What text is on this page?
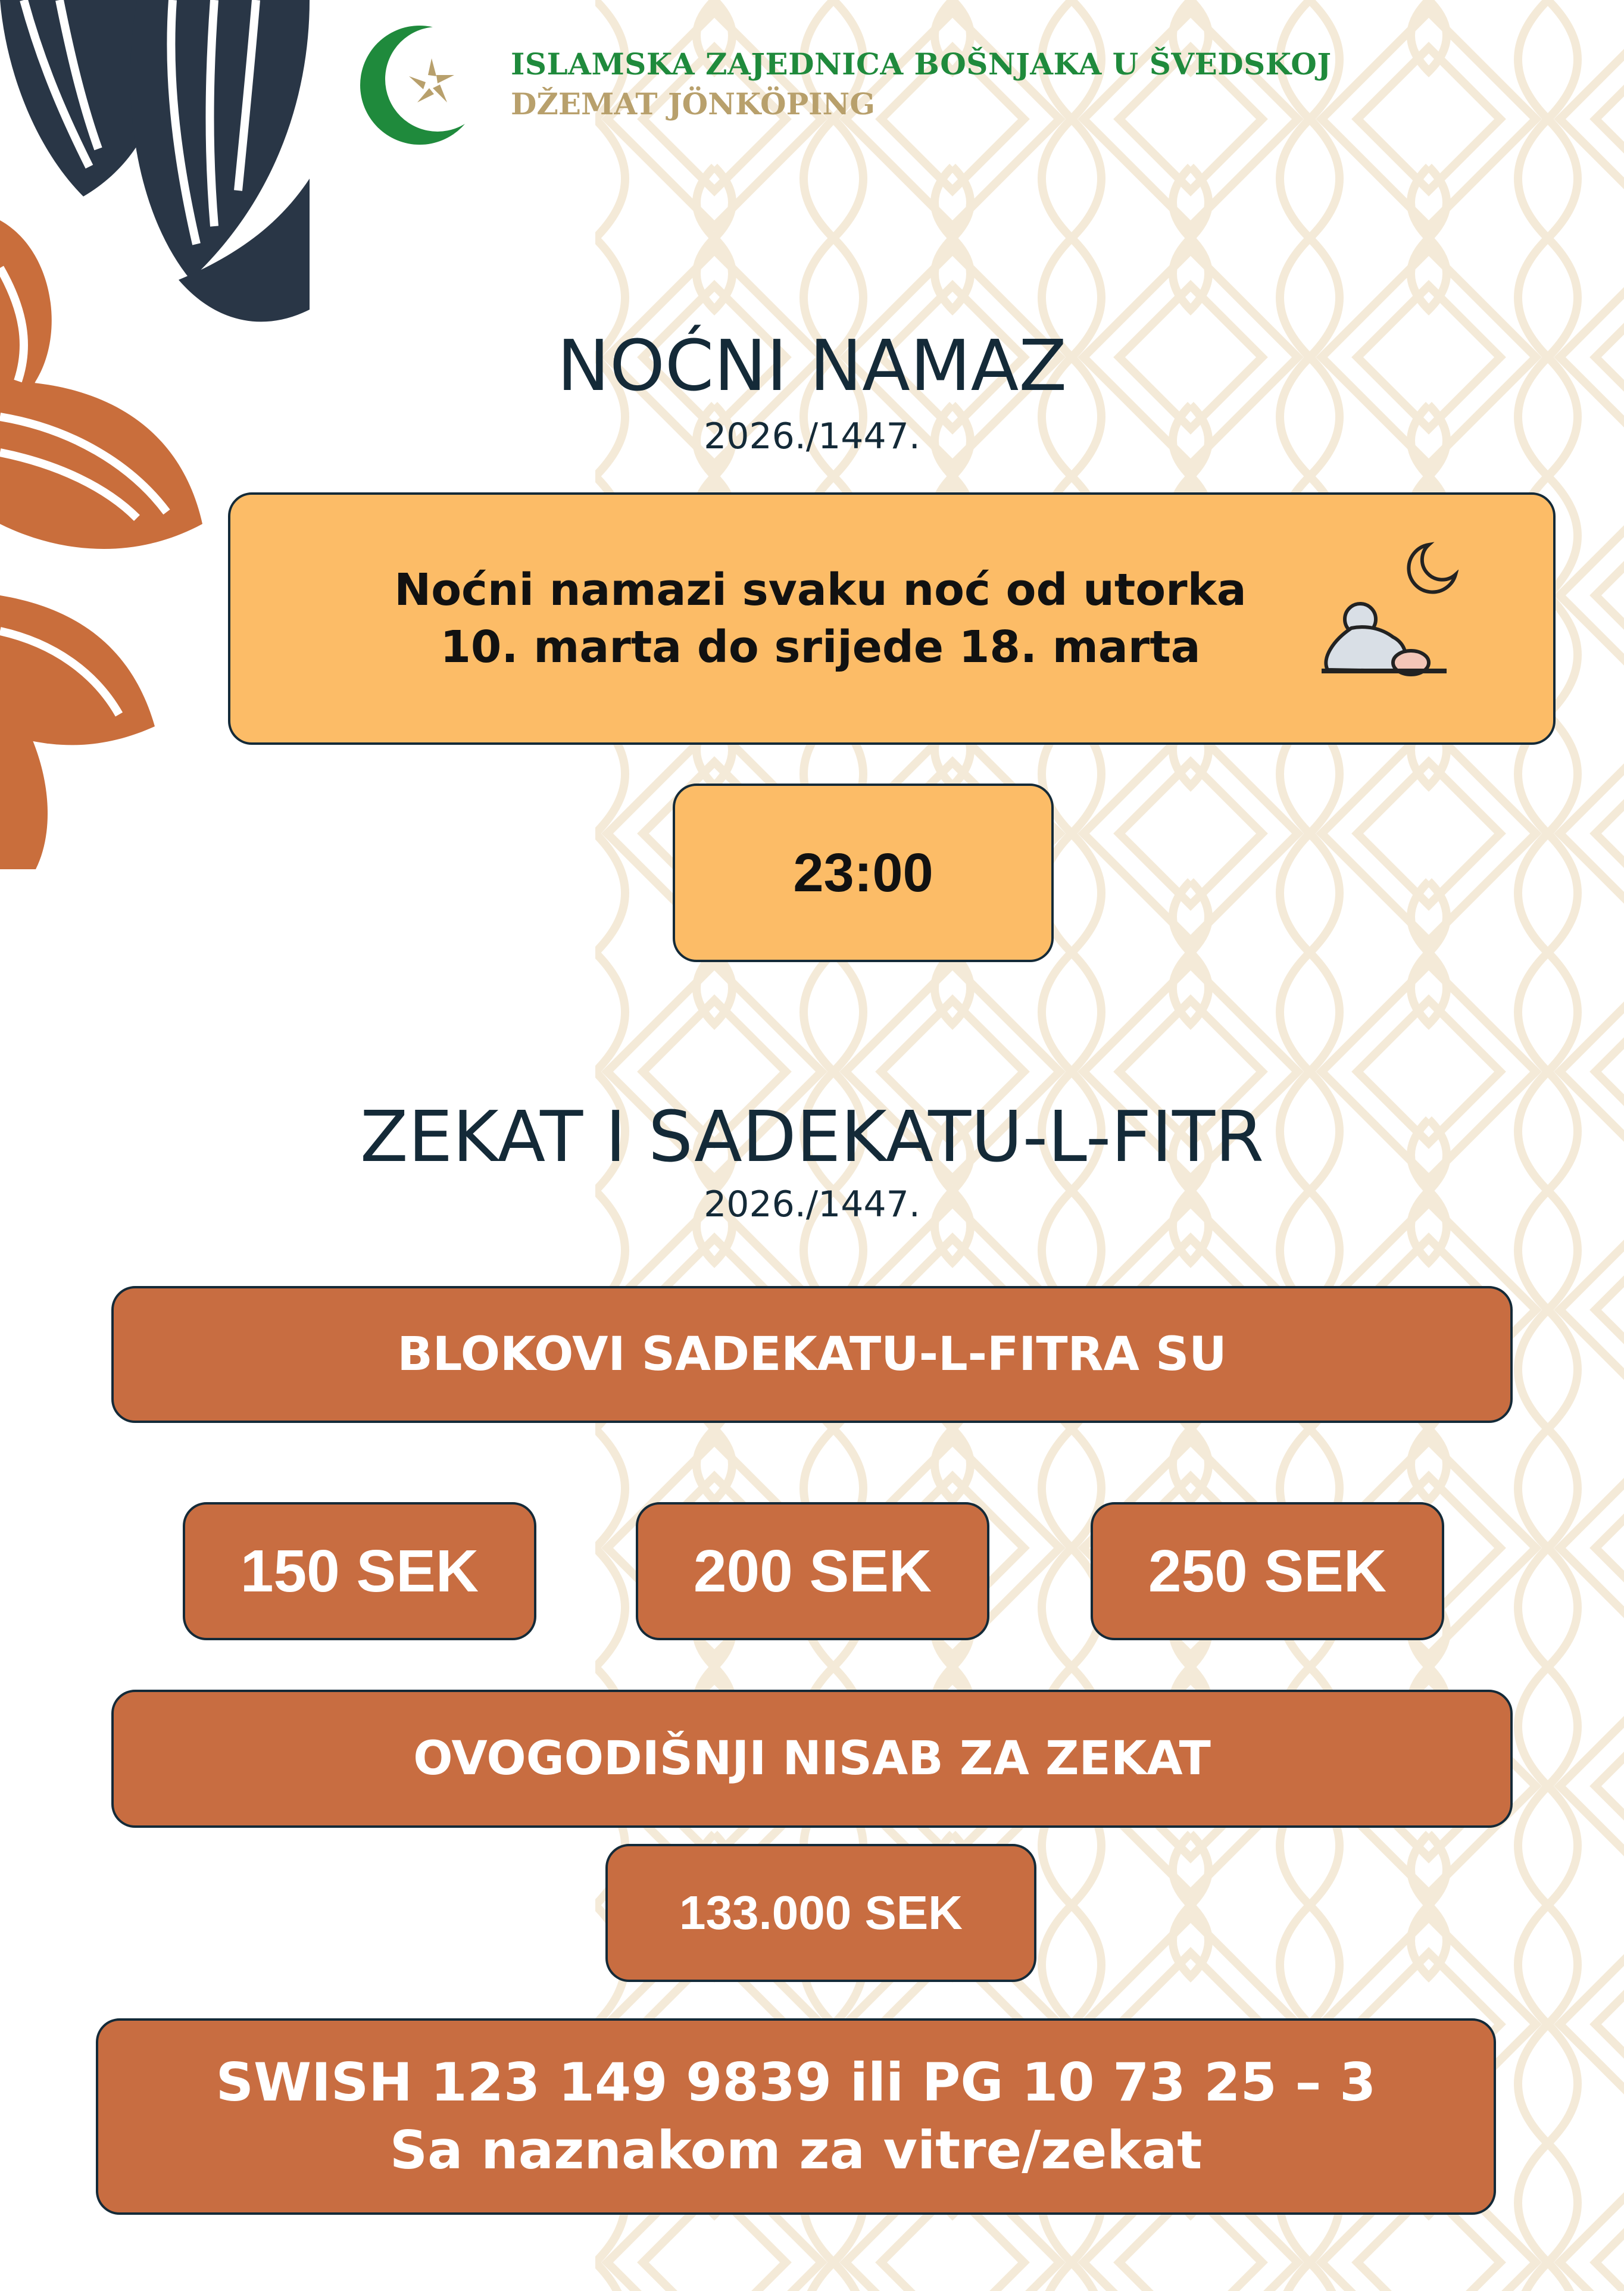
ISLAMSKA ZAJEDNICA BOŠNJAKA U ŠVEDSKOJ
DŽEMAT JÖNKÖPING
NOĆNI NAMAZ
2026./1447.
Noćni namazi svaku noć od utorka
10. marta do srijede 18. marta
23:00
ZEKAT I SADEKATU-L-FITR
2026./1447.
BLOKOVI SADEKATU-L-FITRA SU
150 SEK	200 SEK	250 SEK
OVOGODIŠNJI NISAB ZA ZEKAT
133.000 SEK
SWISH 123 149 9839 ili PG 10 73 25 – 3
Sa naznakom za vitre/zekat
